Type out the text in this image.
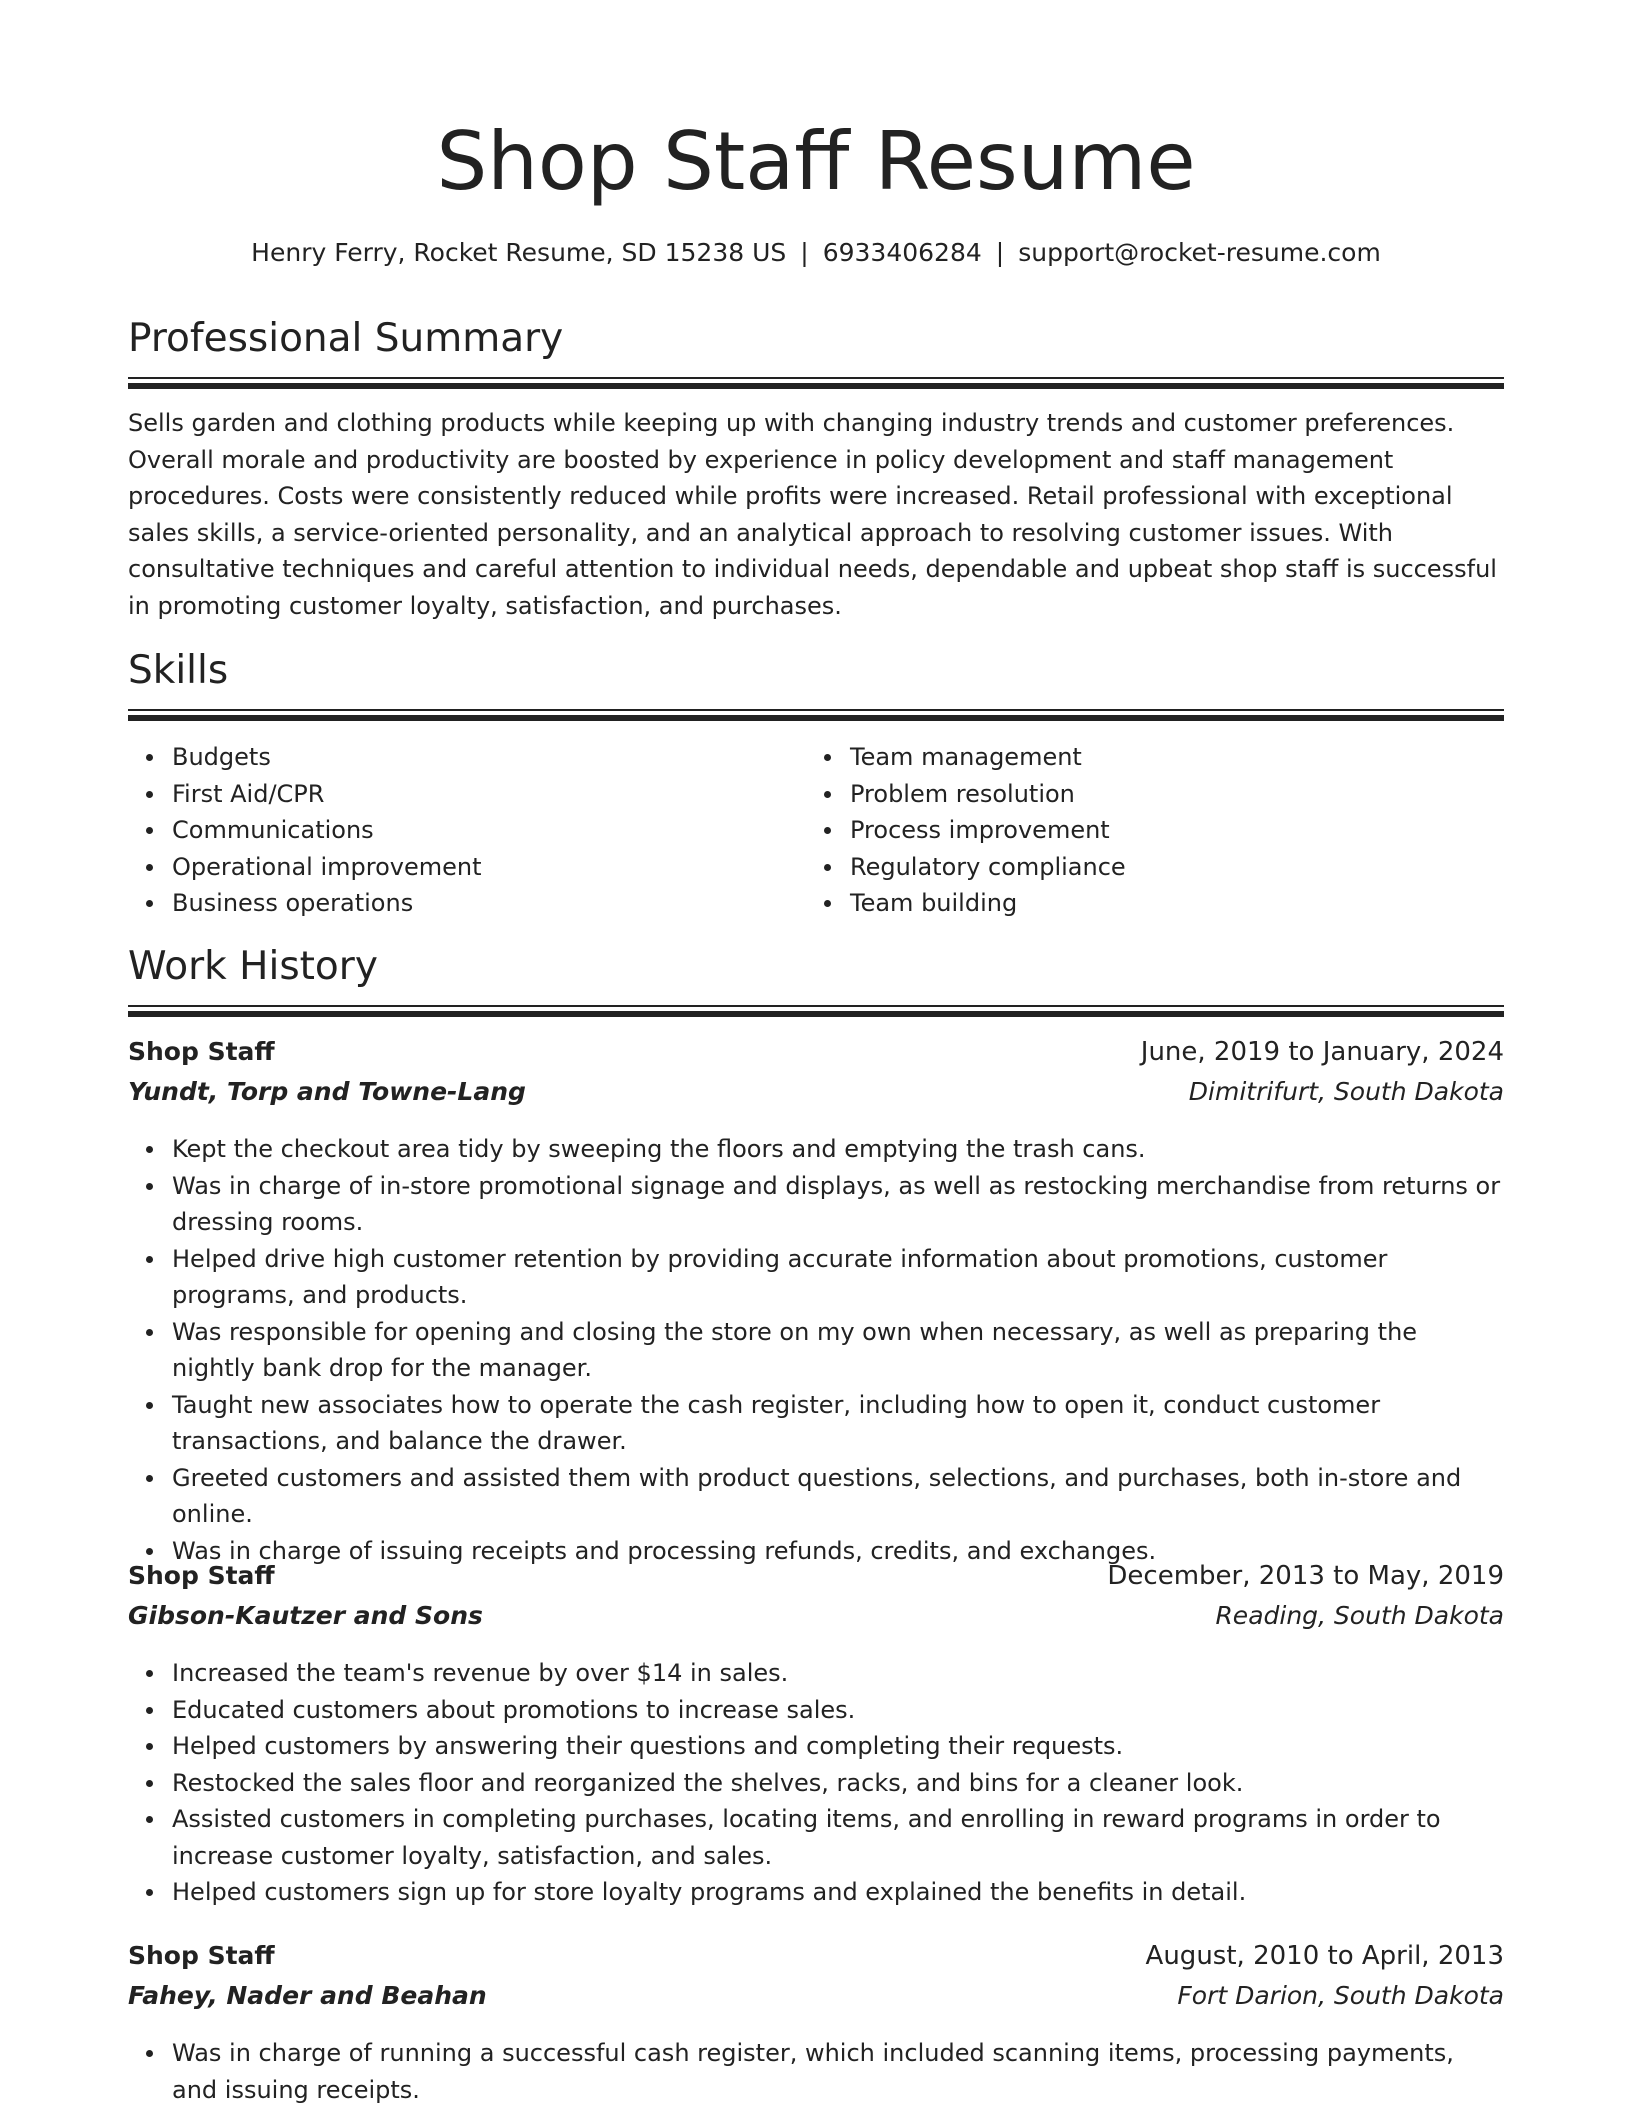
Shop Staff Resume
Henry Ferry, Rocket Resume, SD 15238 US | 6933406284 | support@rocket-resume.com
Professional Summary

Sells garden and clothing products while keeping up with changing industry trends and customer preferences. Overall morale and productivity are boosted by experience in policy development and staff management procedures. Costs were consistently reduced while profits were increased. Retail professional with exceptional sales skills, a service-oriented personality, and an analytical approach to resolving customer issues. With consultative techniques and careful attention to individual needs, dependable and upbeat shop staff is successful in promoting customer loyalty, satisfaction, and purchases.

Skills
Budgets
First Aid/CPR
Communications
Operational improvement
Business operations
Team management
Problem resolution
Process improvement
Regulatory compliance
Team building
Work History
Shop Staff	June, 2019 to January, 2024
Yundt, Torp and Towne-Lang	Dimitrifurt, South Dakota
Kept the checkout area tidy by sweeping the floors and emptying the trash cans.
Was in charge of in-store promotional signage and displays, as well as restocking merchandise from returns or dressing rooms.
Helped drive high customer retention by providing accurate information about promotions, customer programs, and products.
Was responsible for opening and closing the store on my own when necessary, as well as preparing the nightly bank drop for the manager.
Taught new associates how to operate the cash register, including how to open it, conduct customer transactions, and balance the drawer.
Greeted customers and assisted them with product questions, selections, and purchases, both in-store and online.
Was in charge of issuing receipts and processing refunds, credits, and exchanges.
Shop Staff	December, 2013 to May, 2019
Gibson-Kautzer and Sons	Reading, South Dakota
Increased the team's revenue by over $14 in sales.
Educated customers about promotions to increase sales.
Helped customers by answering their questions and completing their requests.
Restocked the sales floor and reorganized the shelves, racks, and bins for a cleaner look.
Assisted customers in completing purchases, locating items, and enrolling in reward programs in order to increase customer loyalty, satisfaction, and sales.
Helped customers sign up for store loyalty programs and explained the benefits in detail.
Shop Staff	August, 2010 to April, 2013
Fahey, Nader and Beahan	Fort Darion, South Dakota
Was in charge of running a successful cash register, which included scanning items, processing payments, and issuing receipts.
